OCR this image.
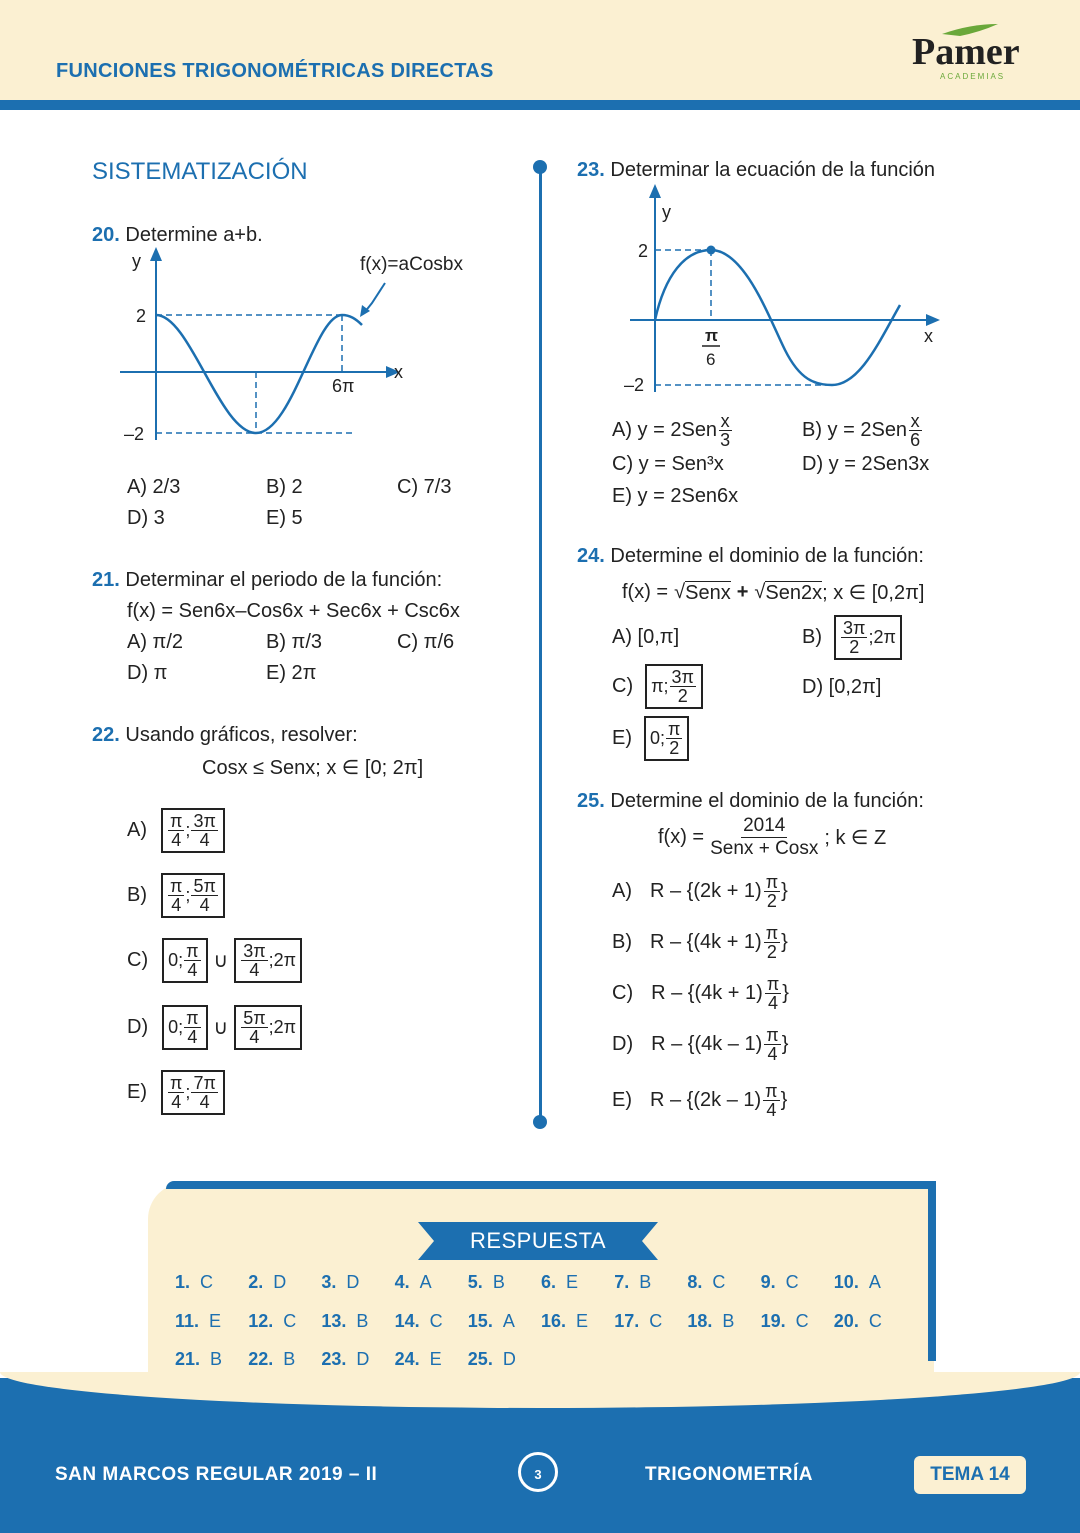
FUNCIONES TRIGONOMÉTRICAS DIRECTAS	Pamer
ACADEMIAS
SISTEMATIZACIÓN
20. Determine a+b.
y
x
f(x)=aCosbx
2
–2
6π
A) 2/3	B) 2	C) 7/3
D) 3	E) 5
21. Determinar el periodo de la función:
f(x) = Sen6x–Cos6x + Sec6x + Csc6x
A) π/2	B) π/3	C) π/6
D) π	E) 2π
22. Usando gráficos, resolver:
Cosx ≤ Senx; x ∈ [0; 2π]
$A) \frac{\pi}{4}$ ; $\frac{3\pi}{4}$
$B) \frac{\pi}{4}$ ; $\frac{5\pi}{4}$
C) 0; $\frac{\pi}{4}$ ∪ $\frac{3\pi}{4}$ ;2π
D) 0; $\frac{\pi}{4}$ ∪ $\frac{5\pi}{4}$ ;2π
$E) \frac{\pi}{4}$ ; $\frac{7\pi}{4}$
23. Determinar la ecuación de la función
y
x
2
–2
π
6
A) $y = 2Sen \frac{x}{3}$	B) $y = 2Sen \frac{x}{6}$
C) y = Sen³x	D) y = 2Sen3x
E) y = 2Sen6x
24. Determine el dominio de la función:
f(x) = √ Senx + √ Sen2x ; x ∈ [0,2π]
A) [0,π]	$B) \frac{3\pi}{2}$ ;2π
C) π; $\frac{3\pi}{2}$	D) [0,2π]
E) 0; $\frac{\pi}{2}$
25. Determine el dominio de la función:
$f(x) = \frac{2014}{\text{Senx + Cosx}}$ ; k ∈ Z
A) $R - \{(2k + 1) \frac{\pi}{2}$ }
B) $R - \{(4k + 1) \frac{\pi}{2}$ }
C) $R - \{(4k + 1) \frac{\pi}{4}$ }
D) R – {$(4k - 1) \frac{\pi}{4}$ }
E) R – {$(2k - 1) \frac{\pi}{4}$ }
RESPUESTA
1. C 2. D 3. D 4. A 5. B 6. E 7. B 8. C 9. C 10. A
11. E 12. C 13. B 14. C 15. A 16. E 17. C 18. B 19. C 20. C
21. B 22. B 23. D 24. E 25. D
SAN MARCOS REGULAR 2019 – II	3	TRIGONOMETRÍA	TEMA 14
